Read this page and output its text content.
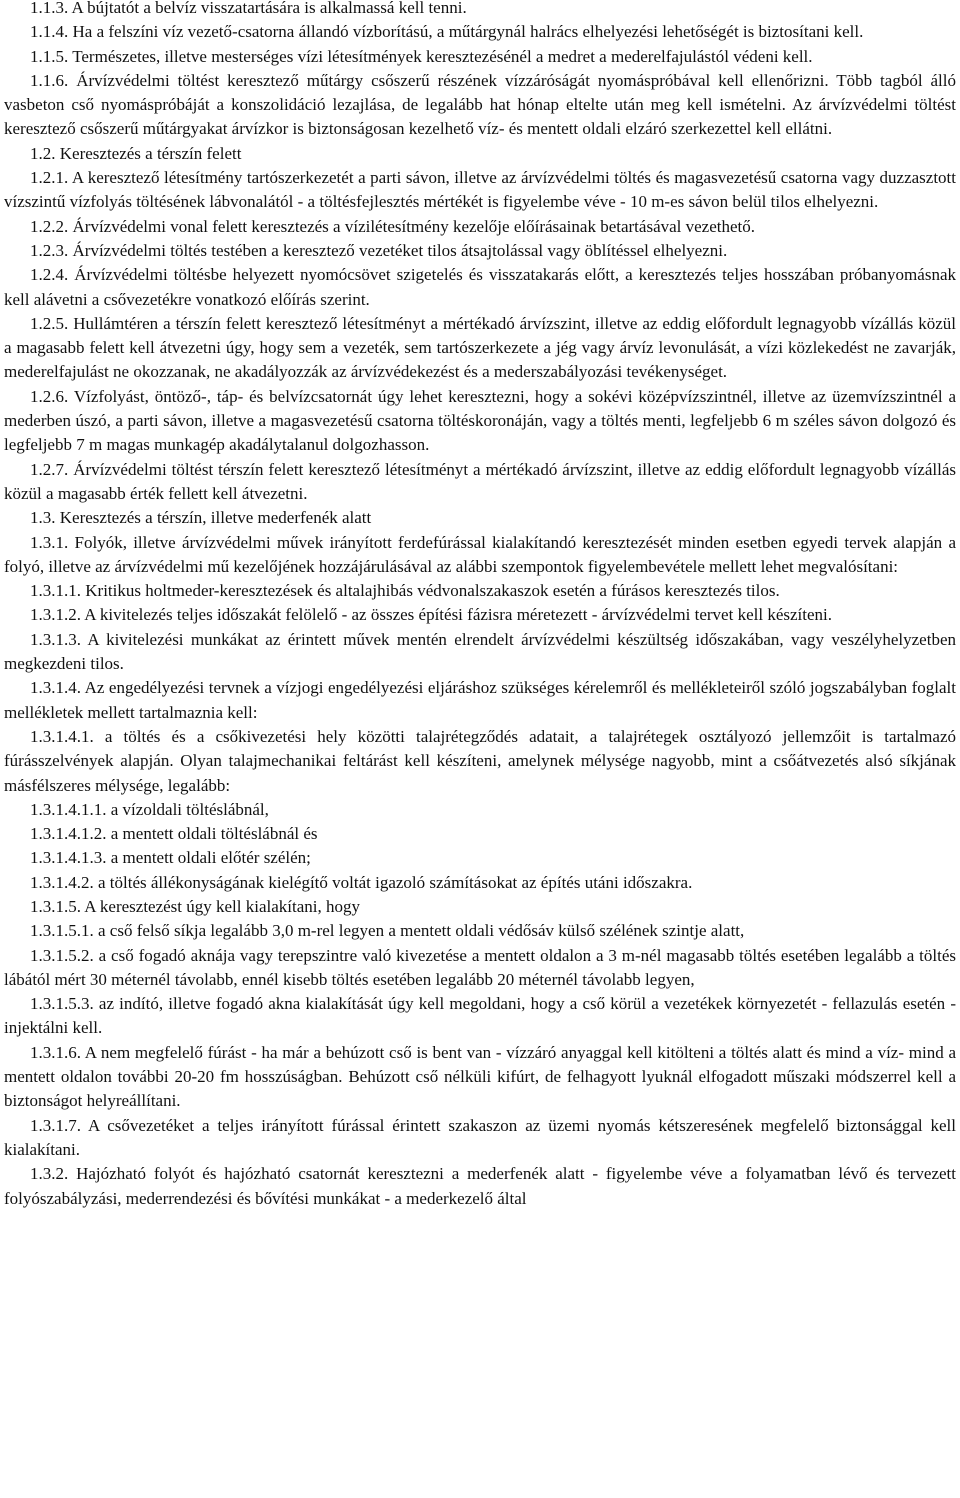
1.1.3. A bújtatót a belvíz visszatartására is alkalmassá kell tenni.

1.1.4. Ha a felszíni víz vezető-csatorna állandó vízborítású, a műtárgynál halrács elhelyezési lehetőségét is biztosítani kell.

1.1.5. Természetes, illetve mesterséges vízi létesítmények keresztezésénél a medret a mederelfajulástól védeni kell.

1.1.6. Árvízvédelmi töltést keresztező műtárgy csőszerű részének vízzáróságát nyomáspróbával kell ellenőrizni. Több tagból álló vasbeton cső nyomáspróbáját a konszolidáció lezajlása, de legalább hat hónap eltelte után meg kell ismételni. Az árvízvédelmi töltést keresztező csőszerű műtárgyakat árvízkor is biztonságosan kezelhető víz- és mentett oldali elzáró szerkezettel kell ellátni.

1.2. Keresztezés a térszín felett

1.2.1. A keresztező létesítmény tartószerkezetét a parti sávon, illetve az árvízvédelmi töltés és magasvezetésű csatorna vagy duzzasztott vízszintű vízfolyás töltésének lábvonalától - a töltésfejlesztés mértékét is figyelembe véve - 10 m-es sávon belül tilos elhelyezni.

1.2.2. Árvízvédelmi vonal felett keresztezés a vízilétesítmény kezelője előírásainak betartásával vezethető.

1.2.3. Árvízvédelmi töltés testében a keresztező vezetéket tilos átsajtolással vagy öblítéssel elhelyezni.

1.2.4. Árvízvédelmi töltésbe helyezett nyomócsövet szigetelés és visszatakarás előtt, a keresztezés teljes hosszában próbanyomásnak kell alávetni a csővezetékre vonatkozó előírás szerint.

1.2.5. Hullámtéren a térszín felett keresztező létesítményt a mértékadó árvízszint, illetve az eddig előfordult legnagyobb vízállás közül a magasabb felett kell átvezetni úgy, hogy sem a vezeték, sem tartószerkezete a jég vagy árvíz levonulását, a vízi közlekedést ne zavarják, mederelfajulást ne okozzanak, ne akadályozzák az árvízvédekezést és a mederszabályozási tevékenységet.

1.2.6. Vízfolyást, öntöző-, táp- és belvízcsatornát úgy lehet keresztezni, hogy a sokévi középvízszintnél, illetve az üzemvízszintnél a mederben úszó, a parti sávon, illetve a magasvezetésű csatorna töltéskoronáján, vagy a töltés menti, legfeljebb 6 m széles sávon dolgozó és legfeljebb 7 m magas munkagép akadálytalanul dolgozhasson.

1.2.7. Árvízvédelmi töltést térszín felett keresztező létesítményt a mértékadó árvízszint, illetve az eddig előfordult legnagyobb vízállás közül a magasabb érték fellett kell átvezetni.

1.3. Keresztezés a térszín, illetve mederfenék alatt

1.3.1. Folyók, illetve árvízvédelmi művek irányított ferdefúrással kialakítandó keresztezését minden esetben egyedi tervek alapján a folyó, illetve az árvízvédelmi mű kezelőjének hozzájárulásával az alábbi szempontok figyelembevétele mellett lehet megvalósítani:

1.3.1.1. Kritikus holtmeder-keresztezések és altalajhibás védvonalszakaszok esetén a fúrásos keresztezés tilos.

1.3.1.2. A kivitelezés teljes időszakát felölelő - az összes építési fázisra méretezett - árvízvédelmi tervet kell készíteni.

1.3.1.3. A kivitelezési munkákat az érintett művek mentén elrendelt árvízvédelmi készültség időszakában, vagy veszélyhelyzetben megkezdeni tilos.

1.3.1.4. Az engedélyezési tervnek a vízjogi engedélyezési eljáráshoz szükséges kérelemről és mellékleteiről szóló jogszabályban foglalt mellékletek mellett tartalmaznia kell:

1.3.1.4.1. a töltés és a csőkivezetési hely közötti talajrétegződés adatait, a talajrétegek osztályozó jellemzőit is tartalmazó fúrásszelvények alapján. Olyan talajmechanikai feltárást kell készíteni, amelynek mélysége nagyobb, mint a csőátvezetés alsó síkjának másfélszeres mélysége, legalább:

1.3.1.4.1.1. a vízoldali töltéslábnál,

1.3.1.4.1.2. a mentett oldali töltéslábnál és

1.3.1.4.1.3. a mentett oldali előtér szélén;

1.3.1.4.2. a töltés állékonyságának kielégítő voltát igazoló számításokat az építés utáni időszakra.

1.3.1.5. A keresztezést úgy kell kialakítani, hogy

1.3.1.5.1. a cső felső síkja legalább 3,0 m-rel legyen a mentett oldali védősáv külső szélének szintje alatt,

1.3.1.5.2. a cső fogadó aknája vagy terepszintre való kivezetése a mentett oldalon a 3 m-nél magasabb töltés esetében legalább a töltés lábától mért 30 méternél távolabb, ennél kisebb töltés esetében legalább 20 méternél távolabb legyen,

1.3.1.5.3. az indító, illetve fogadó akna kialakítását úgy kell megoldani, hogy a cső körül a vezetékek környezetét - fellazulás esetén - injektálni kell.

1.3.1.6. A nem megfelelő fúrást - ha már a behúzott cső is bent van - vízzáró anyaggal kell kitölteni a töltés alatt és mind a víz- mind a mentett oldalon további 20-20 fm hosszúságban. Behúzott cső nélküli kifúrt, de felhagyott lyuknál elfogadott műszaki módszerrel kell a biztonságot helyreállítani.

1.3.1.7. A csővezetéket a teljes irányított fúrással érintett szakaszon az üzemi nyomás kétszeresének megfelelő biztonsággal kell kialakítani.

1.3.2. Hajózható folyót és hajózható csatornát keresztezni a mederfenék alatt - figyelembe véve a folyamatban lévő és tervezett folyószabályzási, mederrendezési és bővítési munkákat - a mederkezelő által
